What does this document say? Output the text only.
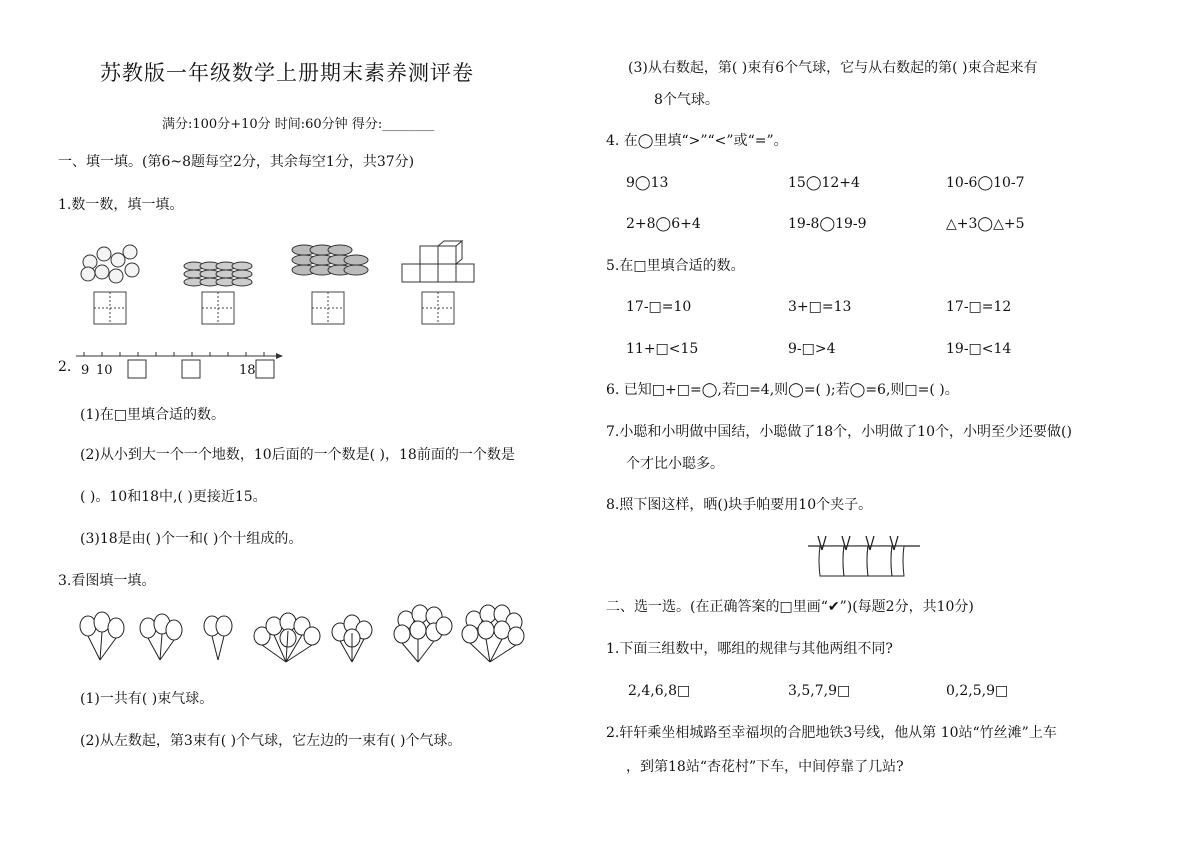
苏教版一年级数学上册期末素养测评卷
满分:100分+10分 时间:60分钟 得分:________
一、填一填。(第6~8题每空2分，其余每空1分，共37分)
1.数一数，填一填。
2. 9 10	18
(1)在□里填合适的数。
(2)从小到大一个一个地数，10后面的一个数是( )，18前面的一个数是
( )。10和18中,( )更接近15。
(3)18是由( )个一和( )个十组成的。
3.看图填一填。
(1)一共有( )束气球。
(2)从左数起，第3束有( )个气球，它左边的一束有( )个气球。
(3)从右数起，第( )束有6个气球，它与从右数起的第( )束合起来有
8个气球。
4. 在◯里填“>”“<”或“=”。
9◯13	15◯12+4	10-6◯10-7
2+8◯6+4	19-8◯19-9	△+3◯△+5
5.在□里填合适的数。
17-□=10	3+□=13	17-□=12
11+□<15	9-□>4	19-□<14
6. 已知□+□=◯,若□=4,则◯=( );若◯=6,则□=( )。
7.小聪和小明做中国结，小聪做了18个，小明做了10个，小明至少还要做()
个才比小聪多。
8.照下图这样，晒()块手帕要用10个夹子。
二、选一选。(在正确答案的□里画“✔”)(每题2分，共10分)
1.下面三组数中，哪组的规律与其他两组不同?
2,4,6,8□	3,5,7,9□	0,2,5,9□
2.轩轩乘坐相城路至幸福坝的合肥地铁3号线，他从第 10站“竹丝滩”上车
，到第18站“杏花村”下车，中间停靠了几站?
